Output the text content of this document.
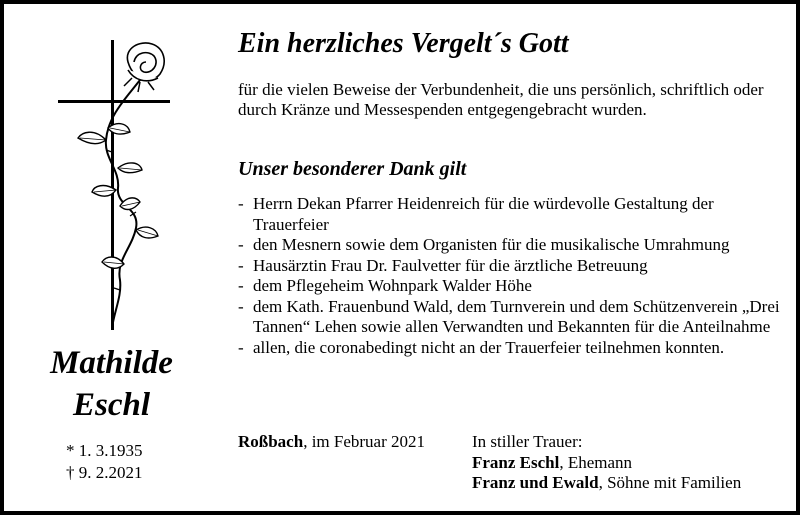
Mathilde
Eschl
* 1. 3.1935
† 9. 2.2021
Ein herzliches Vergelt´s Gott
für die vielen Beweise der Verbundenheit, die uns persönlich, schriftlich oder durch Kränze und Messespenden entgegengebracht wurden.
Unser besonderer Dank gilt
- Herrn Dekan Pfarrer Heidenreich für die würdevolle Gestaltung der Trauerfeier
- den Mesnern sowie dem Organisten für die musikalische Umrahmung
- Hausärztin Frau Dr. Faulvetter für die ärztliche Betreuung
- dem Pflegeheim Wohnpark Walder Höhe
- dem Kath. Frauenbund Wald, dem Turnverein und dem Schützenverein „Drei Tannen“ Lehen sowie allen Verwandten und Bekannten für die Anteilnahme
- allen, die coronabedingt nicht an der Trauerfeier teilnehmen konnten.
Roßbach, im Februar 2021	In stiller Trauer:
Franz Eschl, Ehemann
Franz und Ewald, Söhne mit Familien
